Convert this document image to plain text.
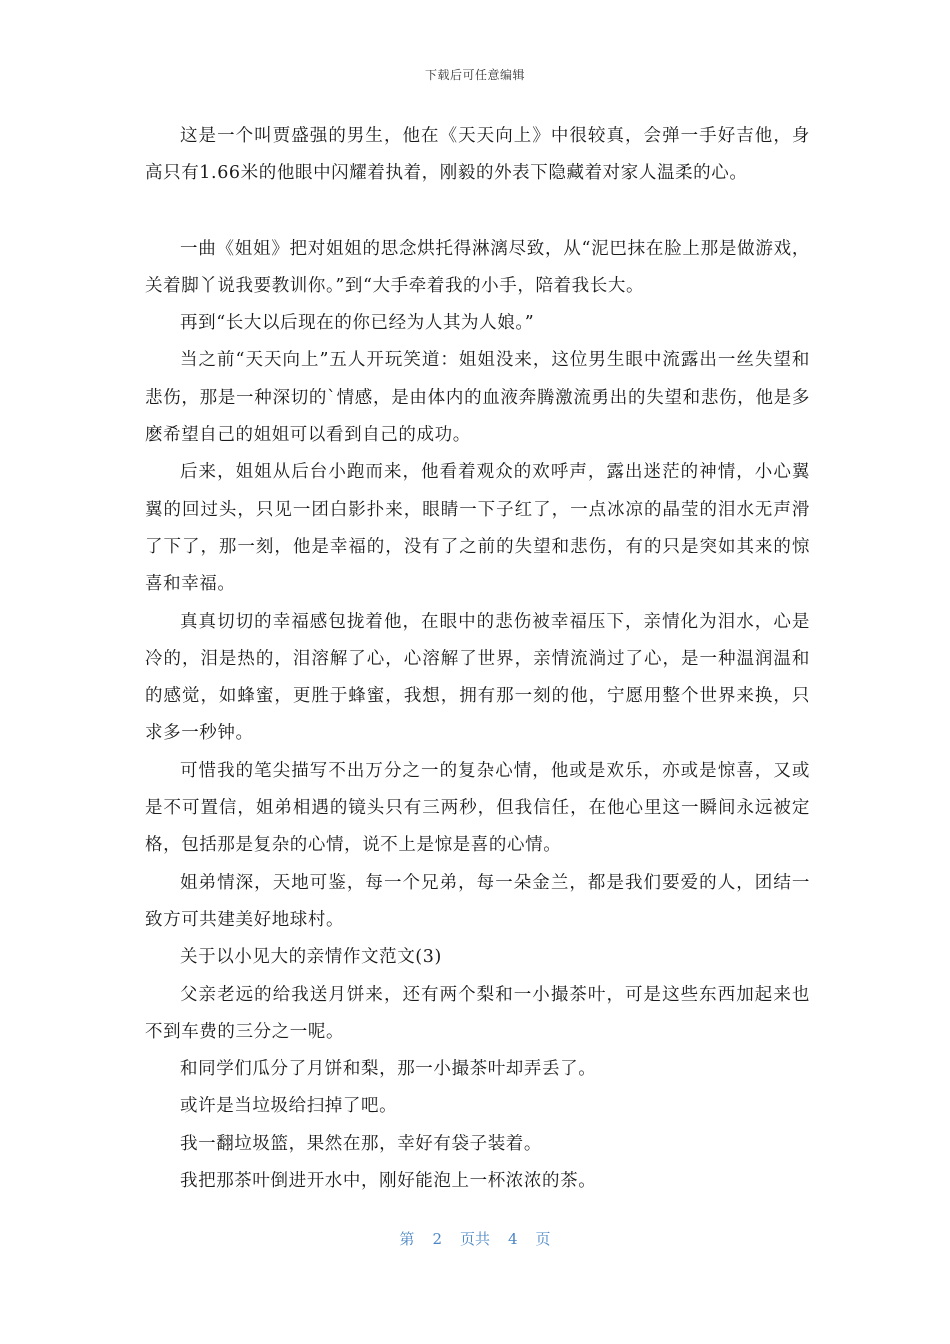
下载后可任意编辑

这是一个叫贾盛强的男生，他在《天天向上》中很较真，会弹一手好吉他，身高只有1.66米的他眼中闪耀着执着，刚毅的外表下隐藏着对家人温柔的心。

一曲《姐姐》把对姐姐的思念烘托得淋漓尽致，从“泥巴抹在脸上那是做游戏，关着脚丫说我要教训你。”到“大手牵着我的小手，陪着我长大。

再到“长大以后现在的你已经为人其为人娘。”

当之前“天天向上”五人开玩笑道：姐姐没来，这位男生眼中流露出一丝失望和悲伤，那是一种深切的`情感，是由体内的血液奔腾激流勇出的失望和悲伤，他是多麽希望自己的姐姐可以看到自己的成功。

后来，姐姐从后台小跑而来，他看着观众的欢呼声，露出迷茫的神情，小心翼翼的回过头，只见一团白影扑来，眼睛一下子红了，一点冰凉的晶莹的泪水无声滑了下了，那一刻，他是幸福的，没有了之前的失望和悲伤，有的只是突如其来的惊喜和幸福。

真真切切的幸福感包拢着他，在眼中的悲伤被幸福压下，亲情化为泪水，心是冷的，泪是热的，泪溶解了心，心溶解了世界，亲情流淌过了心，是一种温润温和的感觉，如蜂蜜，更胜于蜂蜜，我想，拥有那一刻的他，宁愿用整个世界来换，只求多一秒钟。

可惜我的笔尖描写不出万分之一的复杂心情，他或是欢乐，亦或是惊喜，又或是不可置信，姐弟相遇的镜头只有三两秒，但我信任，在他心里这一瞬间永远被定格，包括那是复杂的心情，说不上是惊是喜的心情。

姐弟情深，天地可鉴，每一个兄弟，每一朵金兰，都是我们要爱的人，团结一致方可共建美好地球村。

关于以小见大的亲情作文范文(3)

父亲老远的给我送月饼来，还有两个梨和一小撮茶叶，可是这些东西加起来也不到车费的三分之一呢。

和同学们瓜分了月饼和梨，那一小撮茶叶却弄丢了。

或许是当垃圾给扫掉了吧。

我一翻垃圾篮，果然在那，幸好有袋子装着。

我把那茶叶倒进开水中，刚好能泡上一杯浓浓的茶。

第 2 页共 4 页
